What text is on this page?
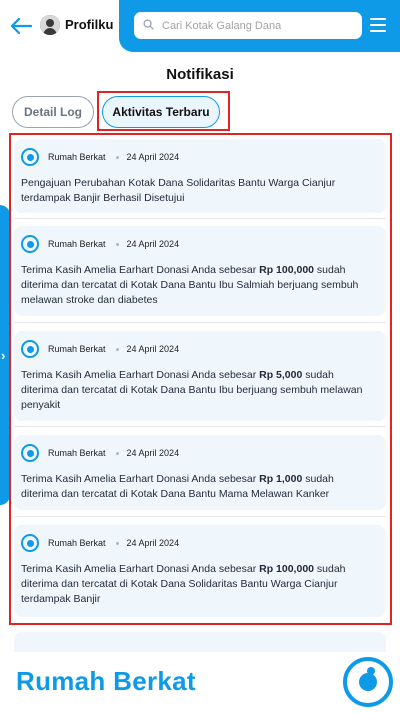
Profilku
Cari Kotak Galang Dana
Notifikasi
Detail Log	Aktivitas Terbaru
›
Rumah Berkat 24 April 2024
Pengajuan Perubahan Kotak Dana Solidaritas Bantu Warga Cianjur terdampak Banjir Berhasil Disetujui
Rumah Berkat 24 April 2024
Terima Kasih Amelia Earhart Donasi Anda sebesar Rp 100,000 sudah diterima dan tercatat di Kotak Dana Bantu Ibu Salmiah berjuang sembuh melawan stroke dan diabetes
Rumah Berkat 24 April 2024
Terima Kasih Amelia Earhart Donasi Anda sebesar Rp 5,000 sudah diterima dan tercatat di Kotak Dana Bantu Ibu berjuang sembuh melawan penyakit
Rumah Berkat 24 April 2024
Terima Kasih Amelia Earhart Donasi Anda sebesar Rp 1,000 sudah diterima dan tercatat di Kotak Dana Bantu Mama Melawan Kanker
Rumah Berkat 24 April 2024
Terima Kasih Amelia Earhart Donasi Anda sebesar Rp 100,000 sudah diterima dan tercatat di Kotak Dana Solidaritas Bantu Warga Cianjur terdampak Banjir
Rumah Berkat
